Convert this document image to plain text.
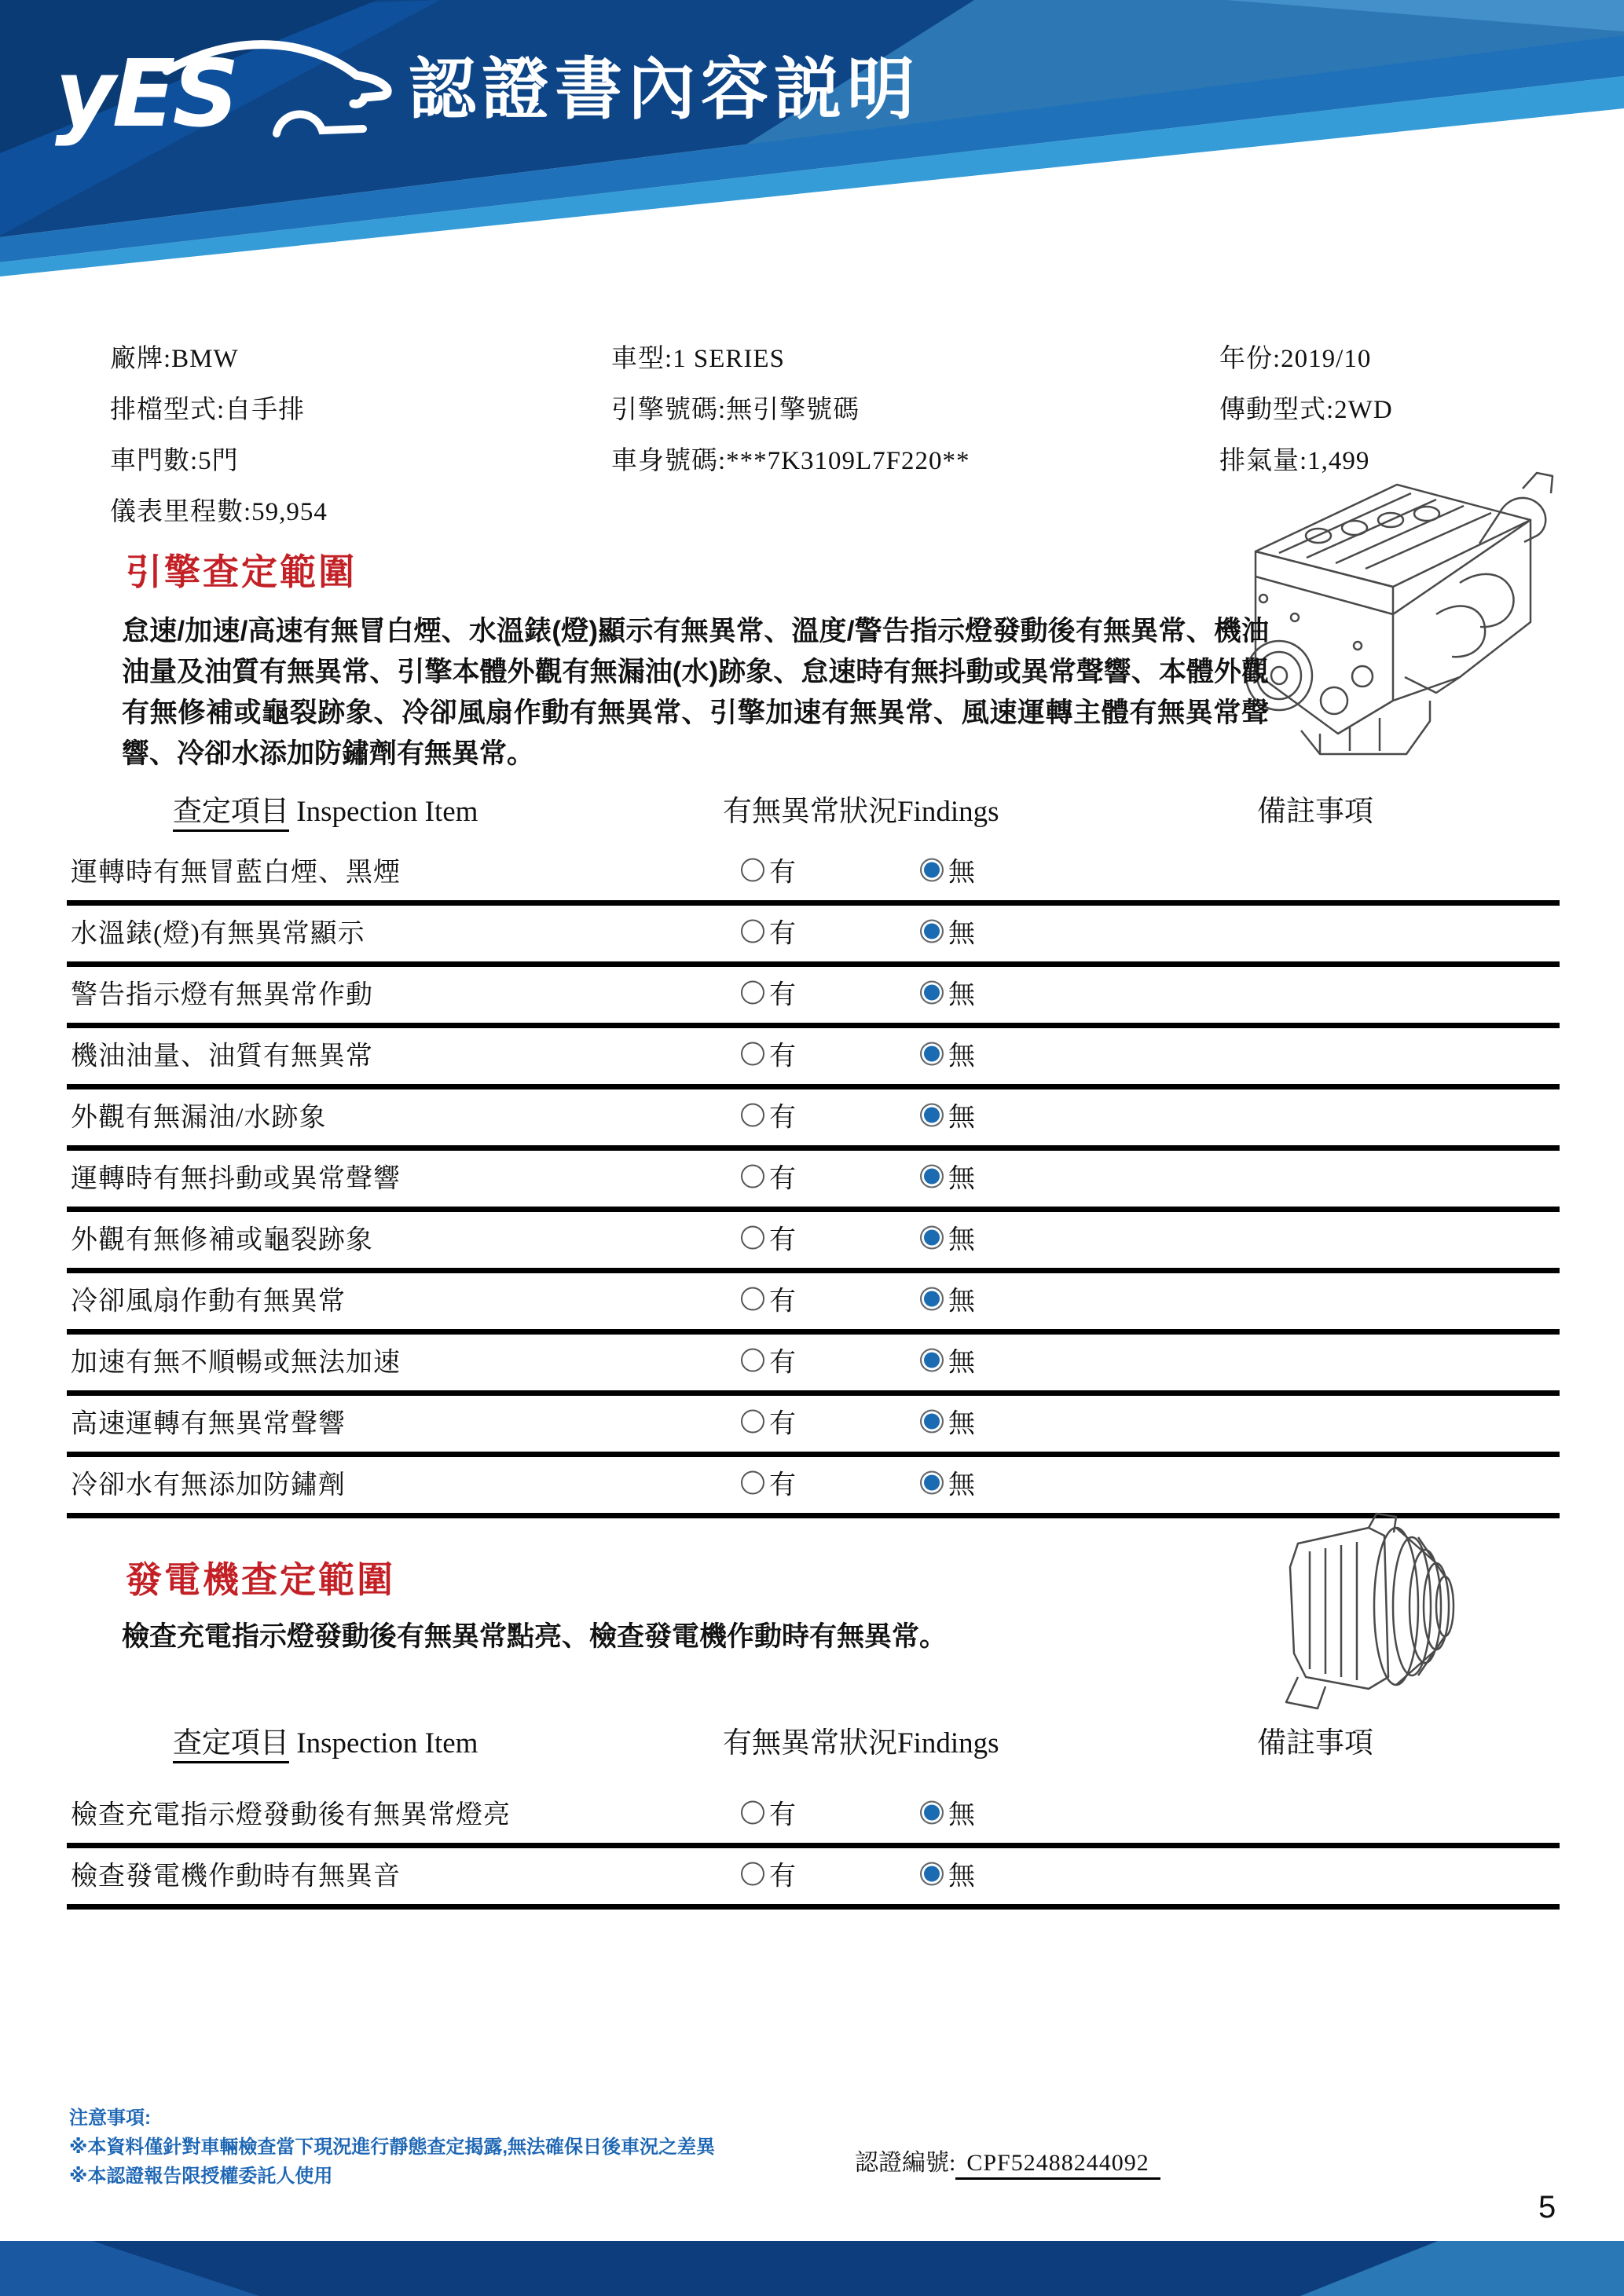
yES	認證書內容説明
廠牌:BMW
排檔型式:自手排
車門數:5門
儀表里程數:59,954
車型:1 SERIES
引擎號碼:無引擎號碼
車身號碼:***7K3109L7F220**
年份:2019/10
傳動型式:2WD
排氣量:1,499
引擎查定範圍
怠速/加速/高速有無冒白煙、水溫錶(燈)顯示有無異常、溫度/警告指示燈發動後有無異常、機油油量及油質有無異常、引擎本體外觀有無漏油(水)跡象、怠速時有無抖動或異常聲響、本體外觀有無修補或龜裂跡象、冷卻風扇作動有無異常、引擎加速有無異常、風速運轉主體有無異常聲響、冷卻水添加防鏽劑有無異常。
查定項目 Inspection Item	有無異常狀況Findings	備註事項
運轉時有無冒藍白煙、黑煙	有	無
水溫錶(燈)有無異常顯示	有	無
警告指示燈有無異常作動	有	無
機油油量、油質有無異常	有	無
外觀有無漏油/水跡象	有	無
運轉時有無抖動或異常聲響	有	無
外觀有無修補或龜裂跡象	有	無
冷卻風扇作動有無異常	有	無
加速有無不順暢或無法加速	有	無
高速運轉有無異常聲響	有	無
冷卻水有無添加防鏽劑	有	無
發電機查定範圍
檢查充電指示燈發動後有無異常點亮、檢查發電機作動時有無異常。
查定項目 Inspection Item	有無異常狀況Findings	備註事項
檢查充電指示燈發動後有無異常燈亮	有	無
檢查發電機作動時有無異音	有	無
注意事項:
※本資料僅針對車輛檢查當下現況進行靜態查定揭露,無法確保日後車況之差異
※本認證報告限授權委託人使用
認證編號: CPF52488244092
5
